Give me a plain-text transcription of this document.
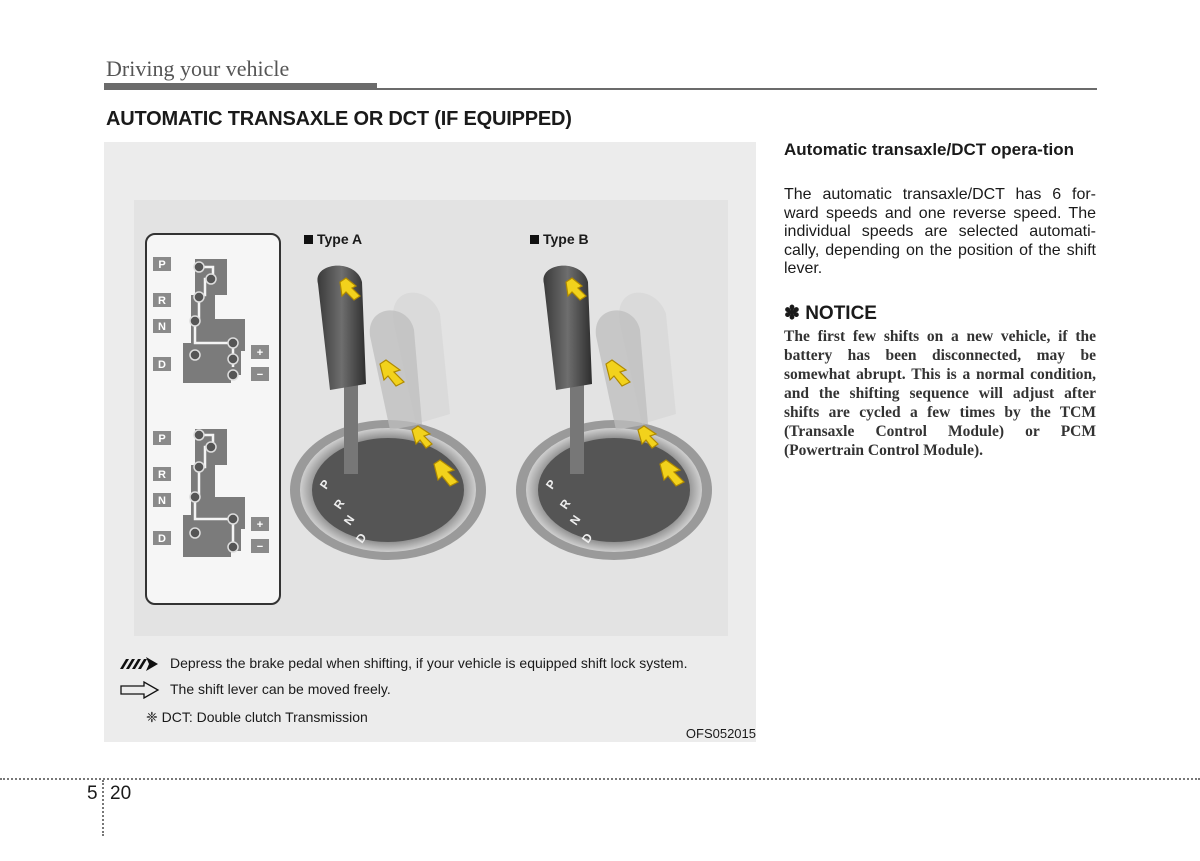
Driving your vehicle
AUTOMATIC TRANSAXLE OR DCT (IF EQUIPPED)
P
R
N
D
+
−
P
R
N
D
+
−
Type A	Type B
P
R
N
D
P
R
N
D
Depress the brake pedal when shifting, if your vehicle is equipped shift lock system.
The shift lever can be moved freely.
❈ DCT: Double clutch Transmission
OFS052015
Automatic transaxle/DCT opera-tion
The automatic transaxle/DCT has 6 for-ward speeds and one reverse speed. The individual speeds are selected automati-cally, depending on the position of the shift lever.
✽ NOTICE
The first few shifts on a new vehicle, if the battery has been disconnected, may be somewhat abrupt. This is a normal condition, and the shifting sequence will adjust after shifts are cycled a few times by the TCM (Transaxle Control Module) or PCM (Powertrain Control Module).
5 20
